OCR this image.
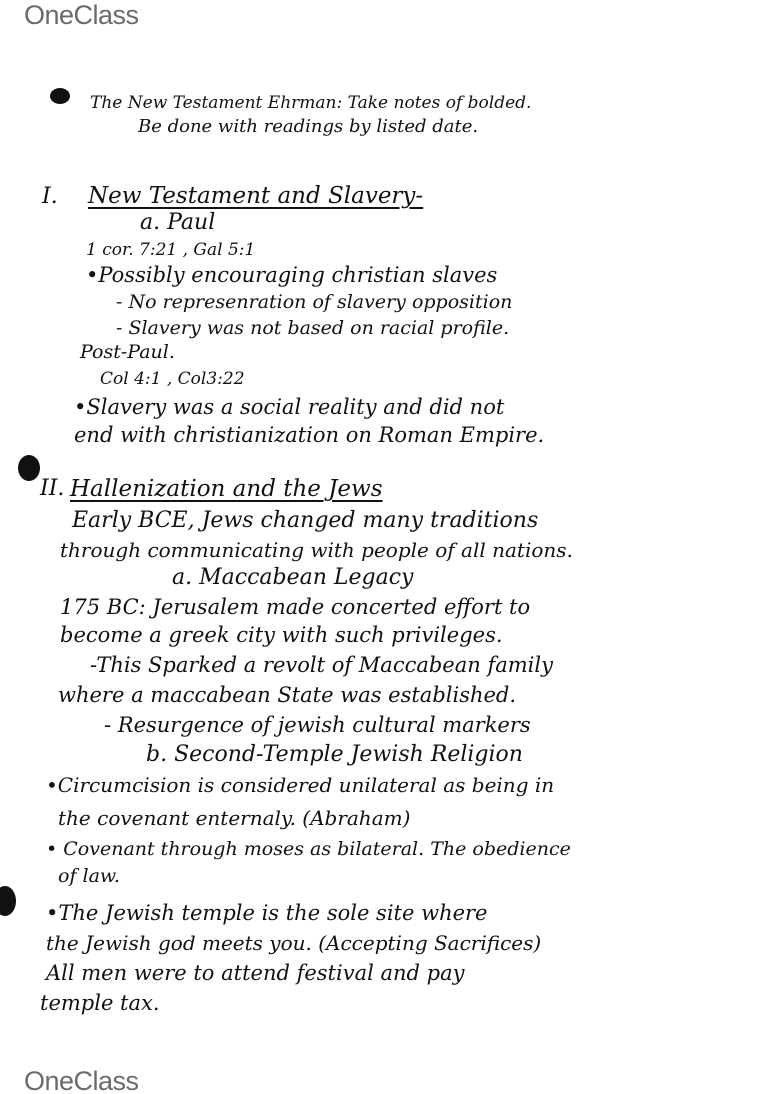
OneClass
The New Testament Ehrman: Take notes of bolded.
Be done with readings by listed date.
I. New Testament and Slavery-
a. Paul
1 cor. 7:21 , Gal 5:1
•Possibly encouraging christian slaves
- No represenration of slavery opposition
- Slavery was not based on racial profile.
Post-Paul.
Col 4:1 , Col3:22
•Slavery was a social reality and did not
end with christianization on Roman Empire.
II. Hallenization and the Jews
Early BCE, Jews changed many traditions
through communicating with people of all nations.
a. Maccabean Legacy
175 BC: Jerusalem made concerted effort to
become a greek city with such privileges.
-This Sparked a revolt of Maccabean family
where a maccabean State was established.
- Resurgence of jewish cultural markers
b. Second-Temple Jewish Religion
•Circumcision is considered unilateral as being in
the covenant enternaly. (Abraham)
• Covenant through moses as bilateral. The obedience
of law.
•The Jewish temple is the sole site where
the Jewish god meets you. (Accepting Sacrifices)
All men were to attend festival and pay
temple tax.
OneClass
